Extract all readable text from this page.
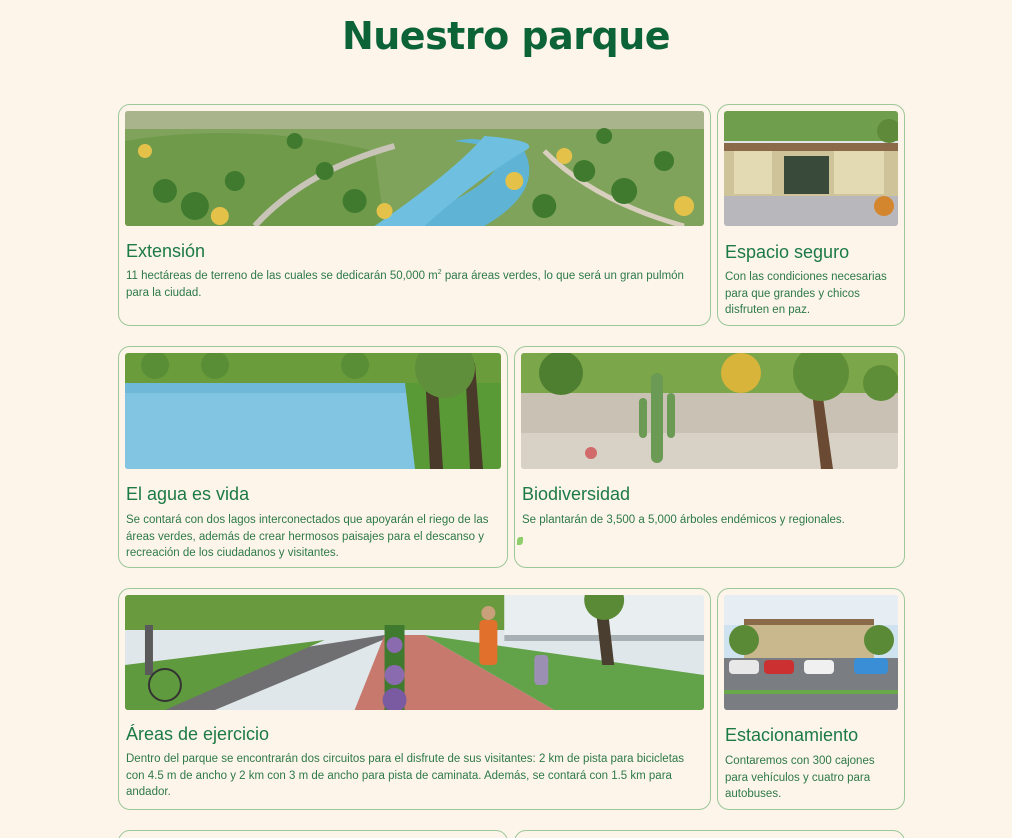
Nuestro parque
Extensión
11 hectáreas de terreno de las cuales se dedicarán 50,000 $m^2$ para áreas verdes, lo que será un gran pulmón para la ciudad.
Espacio seguro
Con las condiciones necesarias para que grandes y chicos disfruten en paz.
El agua es vida
Se contará con dos lagos interconectados que apoyarán el riego de las áreas verdes, además de crear hermosos paisajes para el descanso y recreación de los ciudadanos y visitantes.
Biodiversidad
Se plantarán de 3,500 a 5,000 árboles endémicos y regionales.
Áreas de ejercicio
Dentro del parque se encontrarán dos circuitos para el disfrute de sus visitantes: 2 km de pista para bicicletas con 4.5 m de ancho y 2 km con 3 m de ancho para pista de caminata. Además, se contará con 1.5 km para andador.
Estacionamiento
Contaremos con 300 cajones para vehículos y cuatro para autobuses.
